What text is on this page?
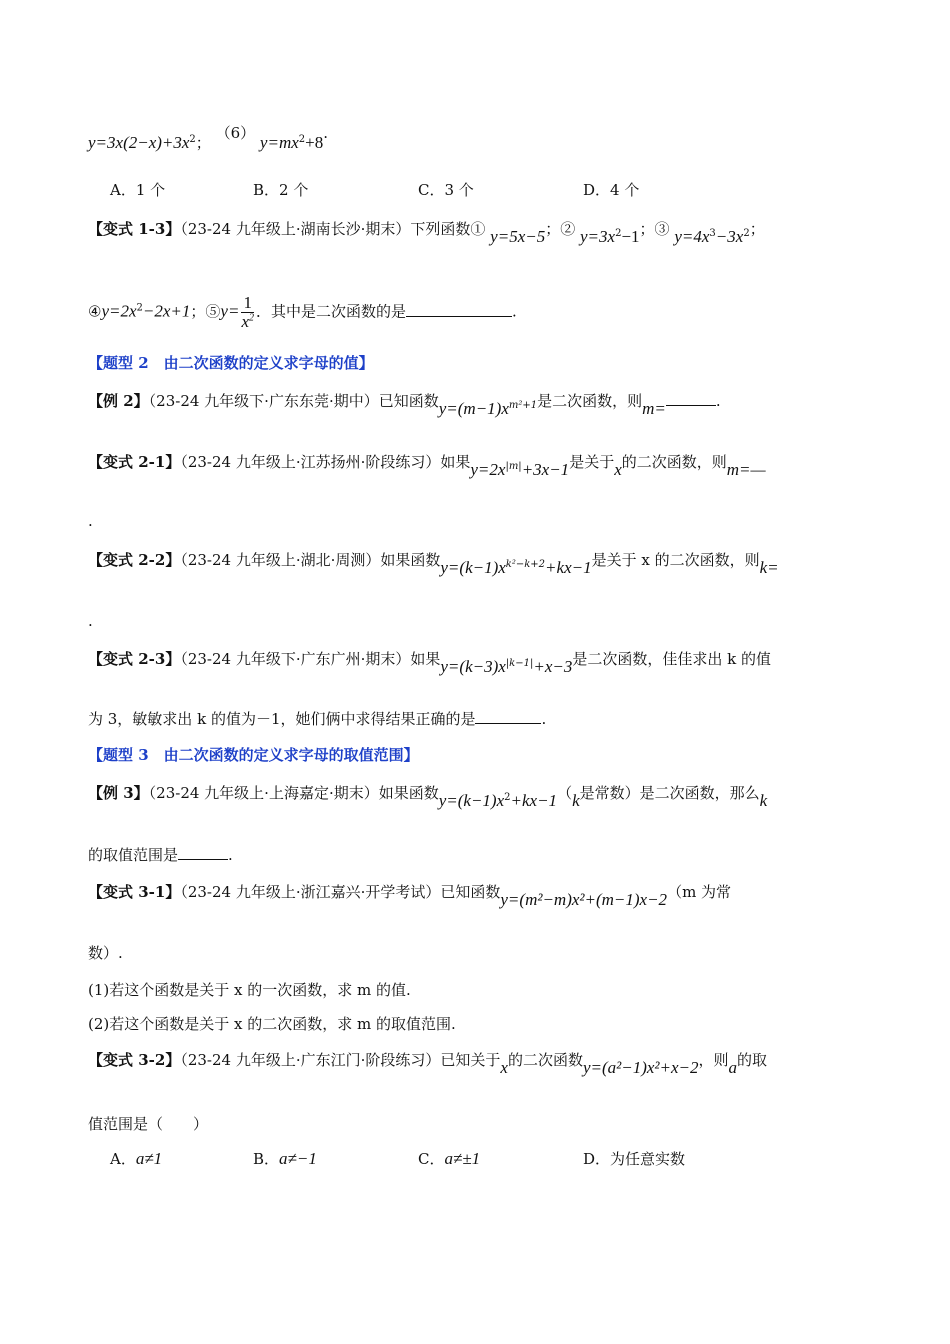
$y=3x(2-x)+3x^2$； （6） $y=mx^2+8$.
A．1 个	B．2 个	C．3 个	D．4 个
【变式 1-3】（23-24 九年级上·湖南长沙·期末）下列函数① y=5x−5；② $y=3x^2-1$；③ $y=4x^3-3x^2$；
$④y=2x^2-2x+1$；⑤y= $\frac{1}{x^2}$ ．其中是二次函数的是	.
【题型 2　由二次函数的定义求字母的值】
【例 2】（23-24 九年级下·广东东莞·期中）已知函数$y=(m-1)x^{m^2+1}$是二次函数，则m=	.
【变式 2-1】（23-24 九年级上·江苏扬州·阶段练习）如果$y=2x^{|m|}+3x-1$是关于x的二次函数，则m=—
.
【变式 2-2】（23-24 九年级上·湖北·周测）如果函数$y=(k-1)x^{k^2-k+2}+kx-1$是关于 x 的二次函数，则k=
.
【变式 2-3】（23-24 九年级下·广东广州·期末）如果$y=(k-3)x^{|k-1|}+x-3$是二次函数，佳佳求出 k 的值
为 3，敏敏求出 k 的值为－1，她们俩中求得结果正确的是	.
【题型 3　由二次函数的定义求字母的取值范围】
【例 3】（23-24 九年级上·上海嘉定·期末）如果函数$y=(k-1)x^2+kx-1(k$是常数）是二次函数，那么k
的取值范围是	.
【变式 3-1】（23-24 九年级上·浙江嘉兴·开学考试）已知函数y=(m²−m)x²+(m−1)x−2（m 为常
数）.
(1)若这个函数是关于 x 的一次函数，求 m 的值.
(2)若这个函数是关于 x 的二次函数，求 m 的取值范围.
【变式 3-2】（23-24 九年级上·广东江门·阶段练习）已知关于x的二次函数y=(a²−1)x²+x−2，则a的取
值范围是（　　）
A．a≠1	B．a≠−1	C．a≠±1	D．为任意实数
